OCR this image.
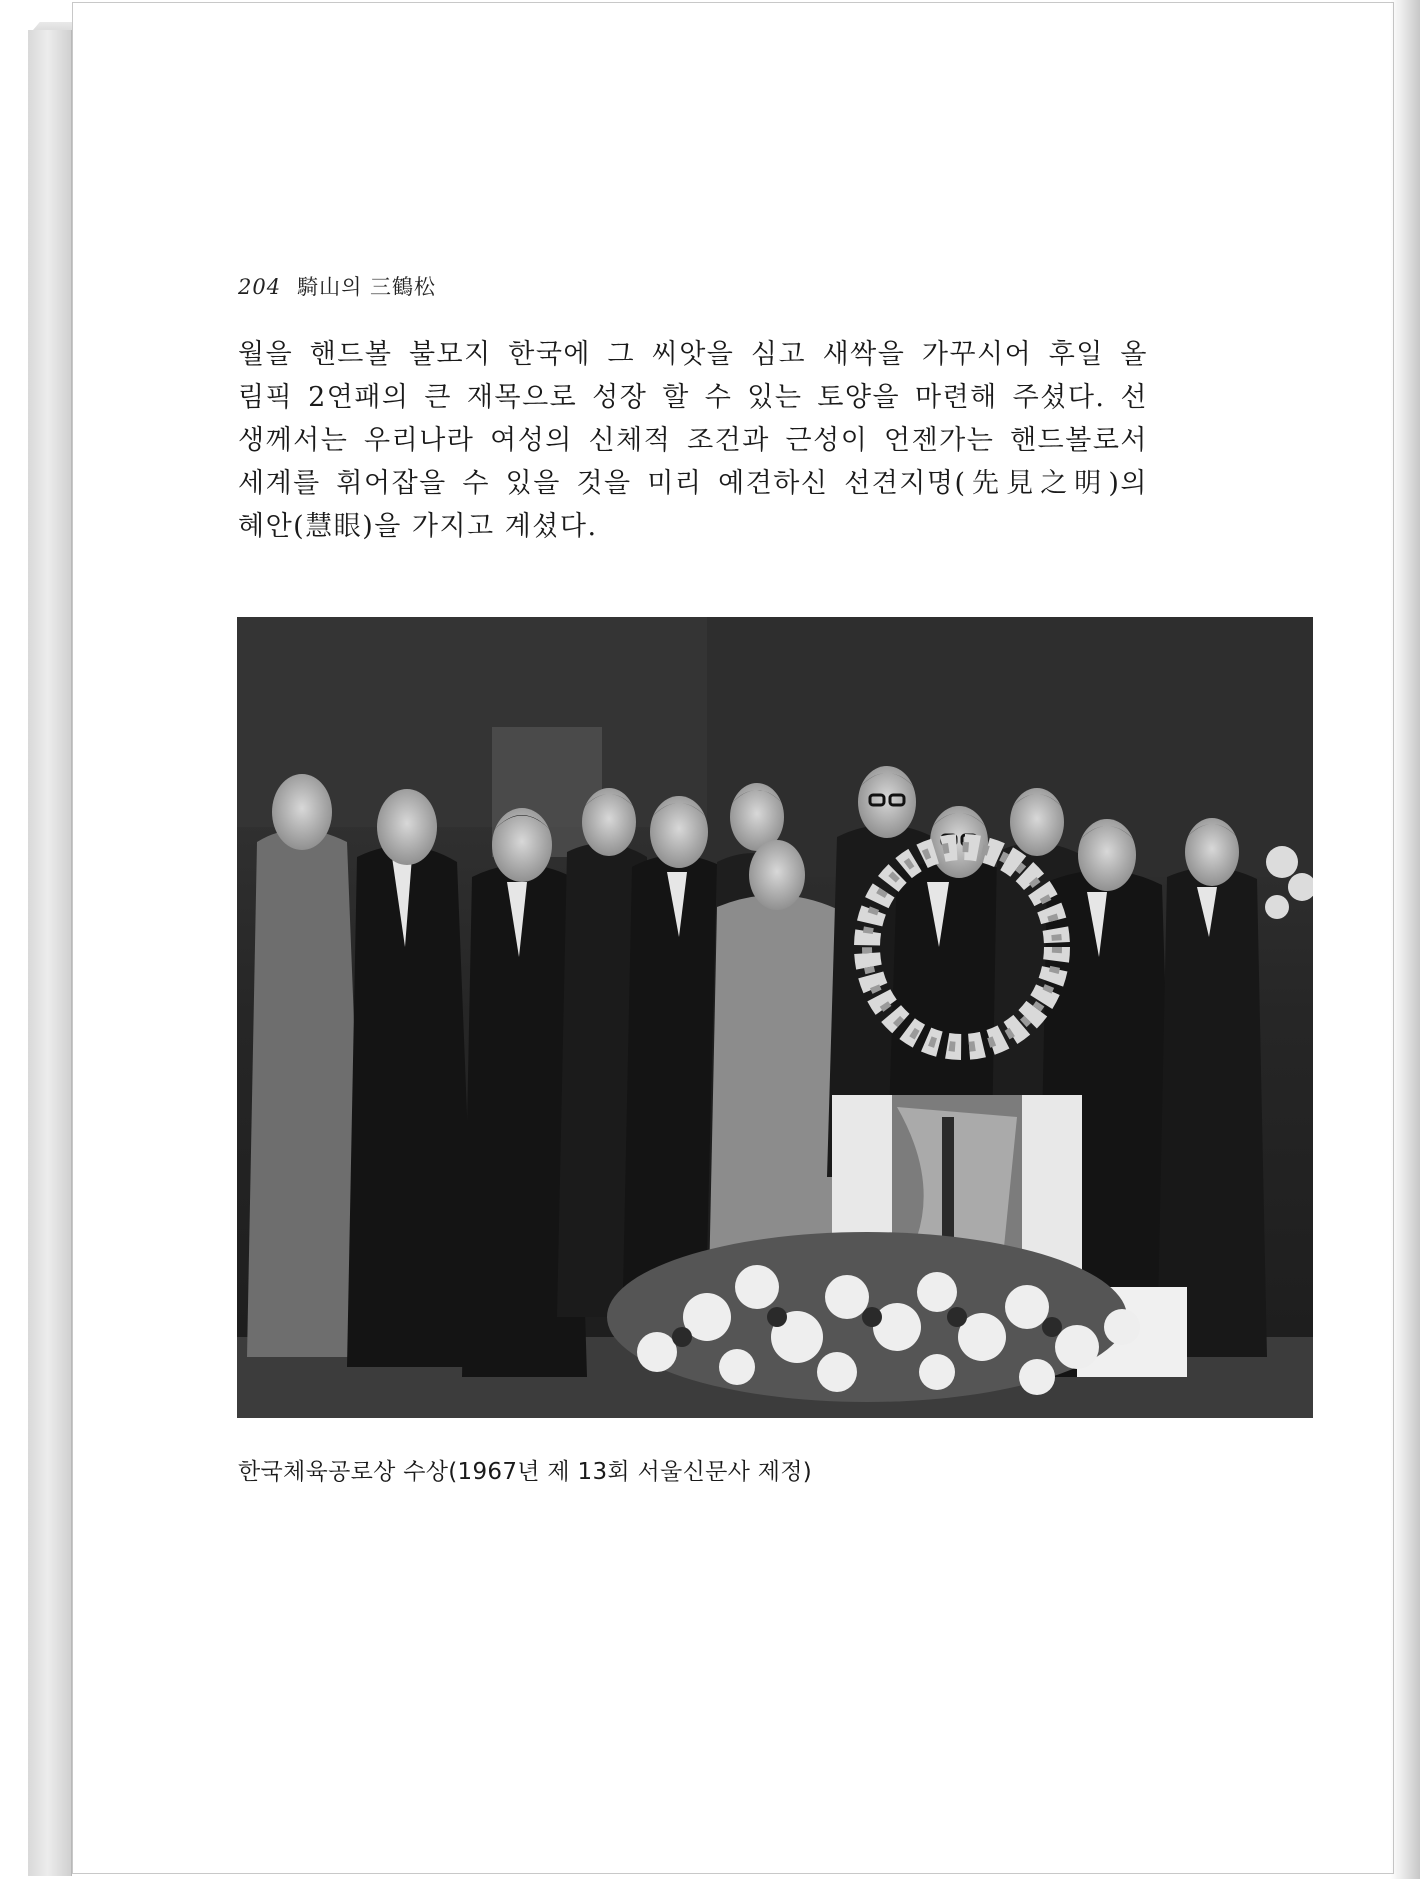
204 騎山의 三鶴松

월을 핸드볼 불모지 한국에 그 씨앗을 심고 새싹을 가꾸시어 후일 올
림픽 2연패의 큰 재목으로 성장 할 수 있는 토양을 마련해 주셨다. 선
생께서는 우리나라 여성의 신체적 조건과 근성이 언젠가는 핸드볼로서
세계를 휘어잡을 수 있을 것을 미리 예견하신 선견지명(先見之明)의
혜안(慧眼)을 가지고 계셨다.

한국체육공로상 수상(1967년 제 13회 서울신문사 제정)
